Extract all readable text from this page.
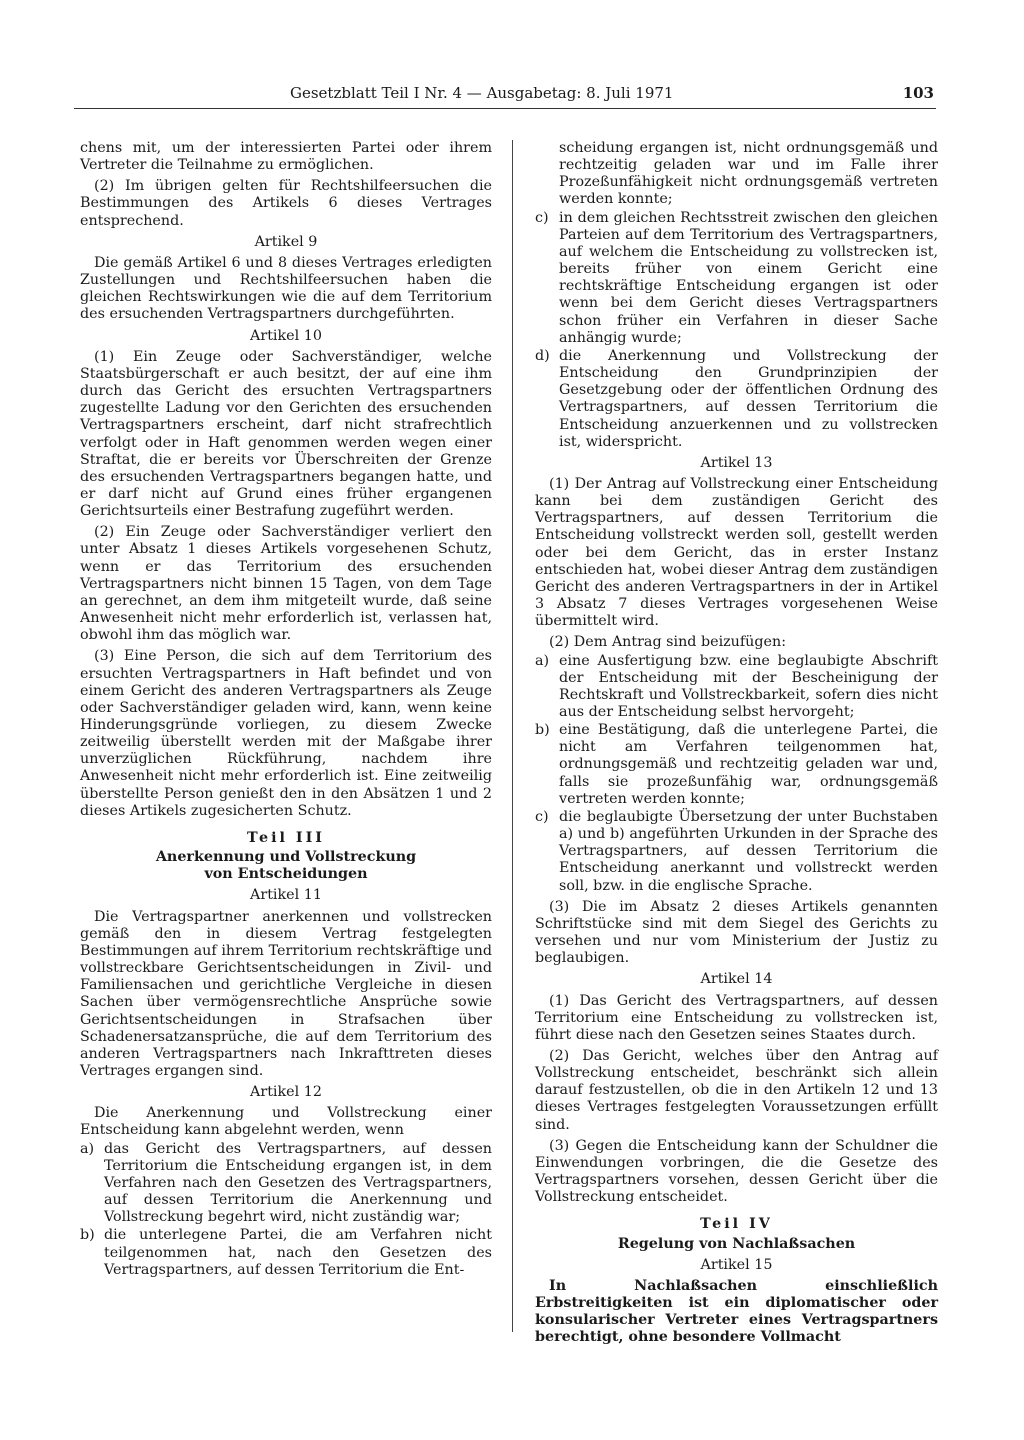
Gesetzblatt Teil I Nr. 4 — Ausgabetag: 8. Juli 1971	103

chens mit, um der interessierten Partei oder ihrem Vertreter die Teilnahme zu ermöglichen.

(2) Im übrigen gelten für Rechtshilfeersuchen die Bestimmungen des Artikels 6 dieses Vertrages entsprechend.

Artikel 9

Die gemäß Artikel 6 und 8 dieses Vertrages erledigten Zustellungen und Rechtshilfeersuchen haben die gleichen Rechtswirkungen wie die auf dem Territorium des ersuchenden Vertragspartners durchgeführten.

Artikel 10

(1) Ein Zeuge oder Sachverständiger, welche Staatsbürgerschaft er auch besitzt, der auf eine ihm durch das Gericht des ersuchten Vertragspartners zugestellte Ladung vor den Gerichten des ersuchenden Vertragspartners erscheint, darf nicht strafrechtlich verfolgt oder in Haft genommen werden wegen einer Straftat, die er bereits vor Überschreiten der Grenze des ersuchenden Vertragspartners begangen hatte, und er darf nicht auf Grund eines früher ergangenen Gerichtsurteils einer Bestrafung zugeführt werden.

(2) Ein Zeuge oder Sachverständiger verliert den unter Absatz 1 dieses Artikels vorgesehenen Schutz, wenn er das Territorium des ersuchenden Vertragspartners nicht binnen 15 Tagen, von dem Tage an gerechnet, an dem ihm mitgeteilt wurde, daß seine Anwesenheit nicht mehr erforderlich ist, verlassen hat, obwohl ihm das möglich war.

(3) Eine Person, die sich auf dem Territorium des ersuchten Vertragspartners in Haft befindet und von einem Gericht des anderen Vertragspartners als Zeuge oder Sachverständiger geladen wird, kann, wenn keine Hinderungsgründe vorliegen, zu diesem Zwecke zeitweilig überstellt werden mit der Maßgabe ihrer unverzüglichen Rückführung, nachdem ihre Anwesenheit nicht mehr erforderlich ist. Eine zeitweilig überstellte Person genießt den in den Absätzen 1 und 2 dieses Artikels zugesicherten Schutz.

Teil III

Anerkennung und Vollstreckung

von Entscheidungen

Artikel 11

Die Vertragspartner anerkennen und vollstrecken gemäß den in diesem Vertrag festgelegten Bestimmungen auf ihrem Territorium rechtskräftige und vollstreckbare Gerichtsentscheidungen in Zivil- und Familiensachen und gerichtliche Vergleiche in diesen Sachen über vermögensrechtliche Ansprüche sowie Gerichtsentscheidungen in Strafsachen über Schadenersatzansprüche, die auf dem Territorium des anderen Vertragspartners nach Inkrafttreten dieses Vertrages ergangen sind.

Artikel 12

Die Anerkennung und Vollstreckung einer Entscheidung kann abgelehnt werden, wenn

a) das Gericht des Vertragspartners, auf dessen Territorium die Entscheidung ergangen ist, in dem Verfahren nach den Gesetzen des Vertragspartners, auf dessen Territorium die Anerkennung und Vollstreckung begehrt wird, nicht zuständig war;
b) die unterlegene Partei, die am Verfahren nicht teilgenommen hat, nach den Gesetzen des Vertragspartners, auf dessen Territorium die Ent-

scheidung ergangen ist, nicht ordnungsgemäß und rechtzeitig geladen war und im Falle ihrer Prozeßunfähigkeit nicht ordnungsgemäß vertreten werden konnte;

c) in dem gleichen Rechtsstreit zwischen den gleichen Parteien auf dem Territorium des Vertragspartners, auf welchem die Entscheidung zu vollstrecken ist, bereits früher von einem Gericht eine rechtskräftige Entscheidung ergangen ist oder wenn bei dem Gericht dieses Vertragspartners schon früher ein Verfahren in dieser Sache anhängig wurde;
d) die Anerkennung und Vollstreckung der Entscheidung den Grundprinzipien der Gesetzgebung oder der öffentlichen Ordnung des Vertragspartners, auf dessen Territorium die Entscheidung anzuerkennen und zu vollstrecken ist, widerspricht.

Artikel 13

(1) Der Antrag auf Vollstreckung einer Entscheidung kann bei dem zuständigen Gericht des Vertragspartners, auf dessen Territorium die Entscheidung vollstreckt werden soll, gestellt werden oder bei dem Gericht, das in erster Instanz entschieden hat, wobei dieser Antrag dem zuständigen Gericht des anderen Vertragspartners in der in Artikel 3 Absatz 7 dieses Vertrages vorgesehenen Weise übermittelt wird.

(2) Dem Antrag sind beizufügen:

a) eine Ausfertigung bzw. eine beglaubigte Abschrift der Entscheidung mit der Bescheinigung der Rechtskraft und Vollstreckbarkeit, sofern dies nicht aus der Entscheidung selbst hervorgeht;
b) eine Bestätigung, daß die unterlegene Partei, die nicht am Verfahren teilgenommen hat, ordnungsgemäß und rechtzeitig geladen war und, falls sie prozeßunfähig war, ordnungsgemäß vertreten werden konnte;
c) die beglaubigte Übersetzung der unter Buchstaben a) und b) angeführten Urkunden in der Sprache des Vertragspartners, auf dessen Territorium die Entscheidung anerkannt und vollstreckt werden soll, bzw. in die englische Sprache.

(3) Die im Absatz 2 dieses Artikels genannten Schriftstücke sind mit dem Siegel des Gerichts zu versehen und nur vom Ministerium der Justiz zu beglaubigen.

Artikel 14

(1) Das Gericht des Vertragspartners, auf dessen Territorium eine Entscheidung zu vollstrecken ist, führt diese nach den Gesetzen seines Staates durch.

(2) Das Gericht, welches über den Antrag auf Vollstreckung entscheidet, beschränkt sich allein darauf festzustellen, ob die in den Artikeln 12 und 13 dieses Vertrages festgelegten Voraussetzungen erfüllt sind.

(3) Gegen die Entscheidung kann der Schuldner die Einwendungen vorbringen, die die Gesetze des Vertragspartners vorsehen, dessen Gericht über die Vollstreckung entscheidet.

Teil IV

Regelung von Nachlaßsachen

Artikel 15

In Nachlaßsachen einschließlich Erbstreitigkeiten ist ein diplomatischer oder konsularischer Vertreter eines Vertragspartners berechtigt, ohne besondere Vollmacht
